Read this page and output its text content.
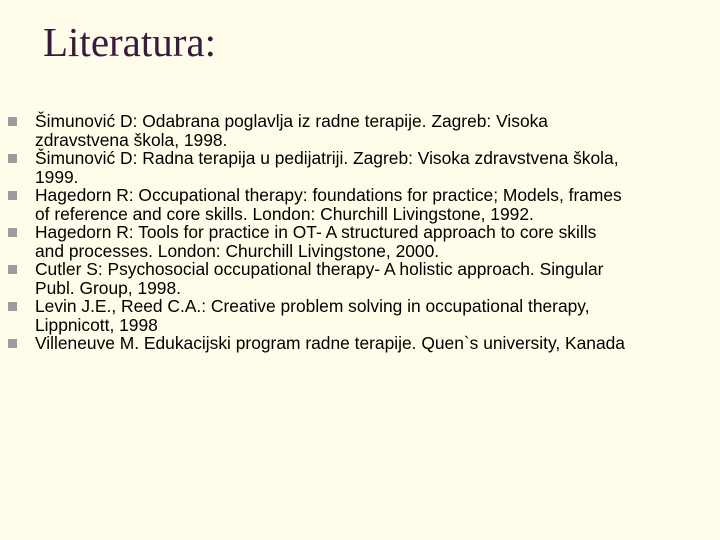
Literatura:
Šimunović D: Odabrana poglavlja iz radne terapije. Zagreb: Visoka
zdravstvena škola, 1998.
Šimunović D: Radna terapija u pedijatriji. Zagreb: Visoka zdravstvena škola,
1999.
Hagedorn R: Occupational therapy: foundations for practice; Models, frames
of reference and core skills. London: Churchill Livingstone, 1992.
Hagedorn R: Tools for practice in OT- A structured approach to core skills
and processes. London: Churchill Livingstone, 2000.
Cutler S: Psychosocial occupational therapy- A holistic approach. Singular
Publ. Group, 1998.
Levin J.E., Reed C.A.: Creative problem solving in occupational therapy,
Lippnicott, 1998
Villeneuve M. Edukacijski program radne terapije. Quen`s university, Kanada
